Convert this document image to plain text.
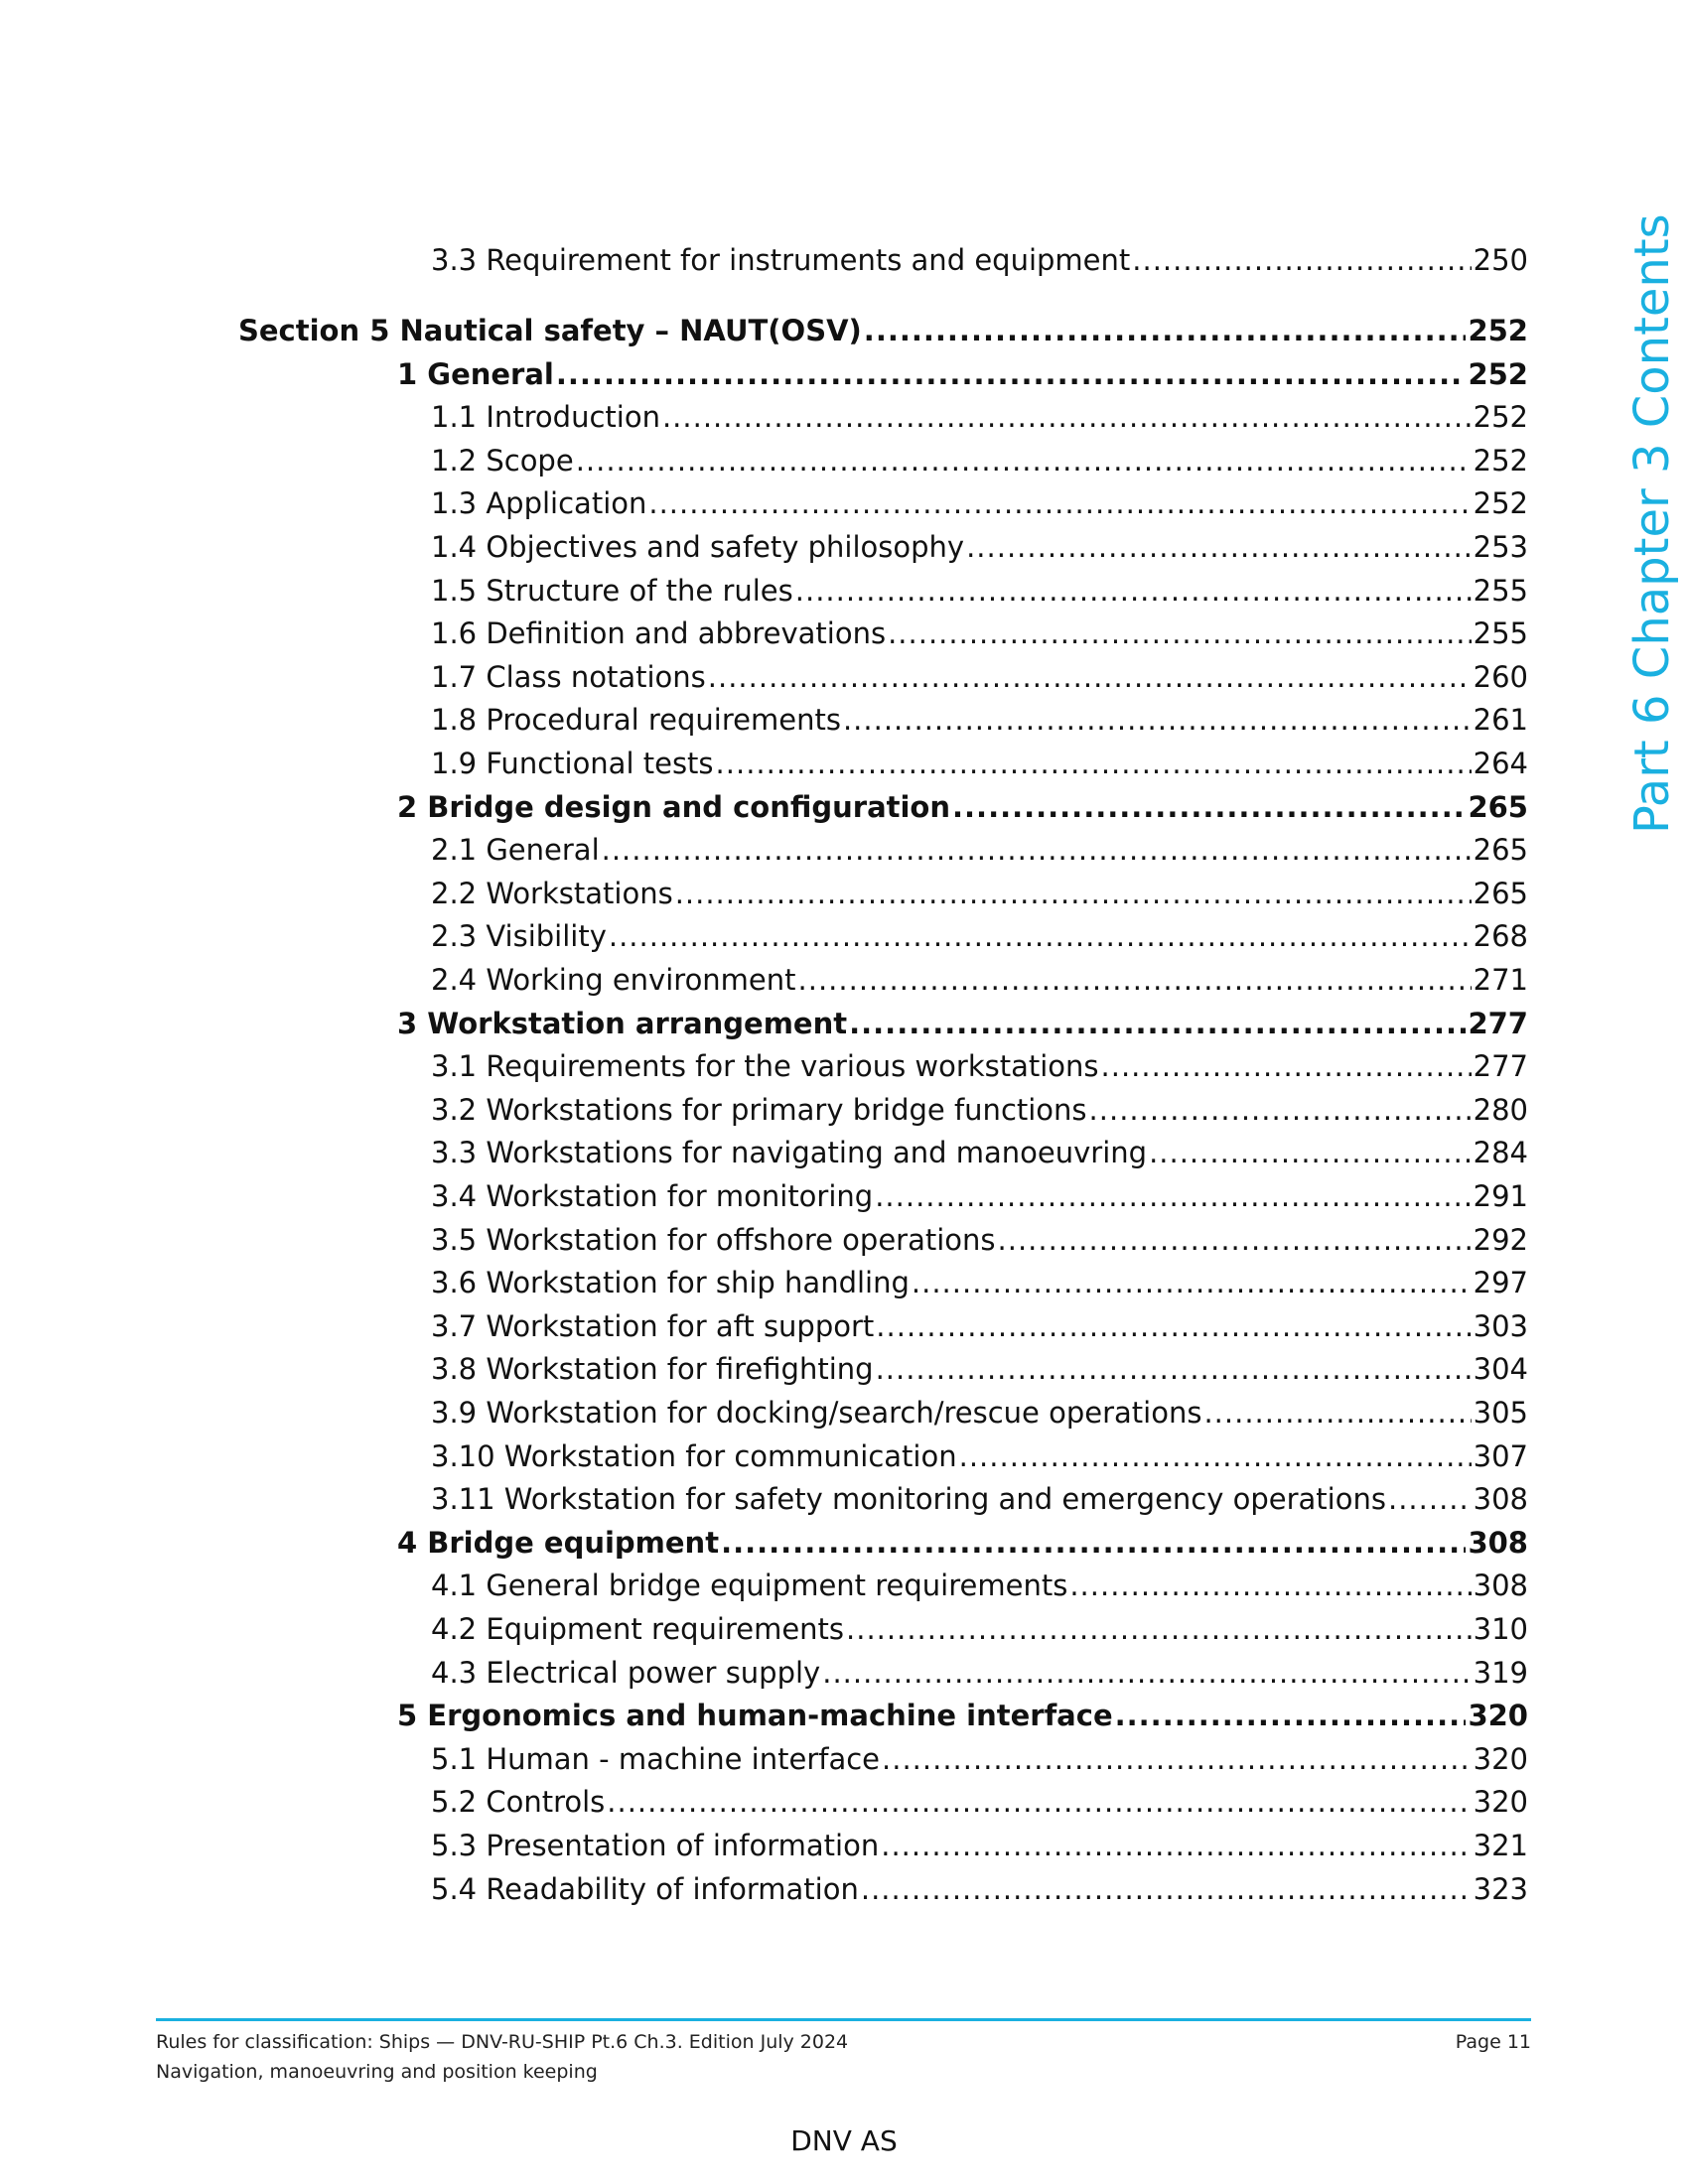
3.3 Requirement for instruments and equipment .....	250
Section 5 Nautical safety – NAUT(OSV) .....	252
1 General .....	252
1.1 Introduction .....	252
1.2 Scope .....	252
1.3 Application .....	252
1.4 Objectives and safety philosophy .....	253
1.5 Structure of the rules .....	255
1.6 Definition and abbrevations .....	255
1.7 Class notations .....	260
1.8 Procedural requirements .....	261
1.9 Functional tests .....	264
2 Bridge design and configuration .....	265
2.1 General .....	265
2.2 Workstations .....	265
2.3 Visibility .....	268
2.4 Working environment .....	271
3 Workstation arrangement .....	277
3.1 Requirements for the various workstations .....	277
3.2 Workstations for primary bridge functions .....	280
3.3 Workstations for navigating and manoeuvring .....	284
3.4 Workstation for monitoring .....	291
3.5 Workstation for offshore operations .....	292
3.6 Workstation for ship handling .....	297
3.7 Workstation for aft support .....	303
3.8 Workstation for firefighting .....	304
3.9 Workstation for docking/search/rescue operations .....	305
3.10 Workstation for communication .....	307
3.11 Workstation for safety monitoring and emergency operations .....	308
4 Bridge equipment .....	308
4.1 General bridge equipment requirements .....	308
4.2 Equipment requirements .....	310
4.3 Electrical power supply .....	319
5 Ergonomics and human-machine interface .....	320
5.1 Human - machine interface .....	320
5.2 Controls .....	320
5.3 Presentation of information .....	321
5.4 Readability of information .....	323
Part 6 Chapter 3 Contents
Rules for classification: Ships — DNV-RU-SHIP Pt.6 Ch.3. Edition July 2024
Navigation, manoeuvring and position keeping
Page 11
DNV AS
